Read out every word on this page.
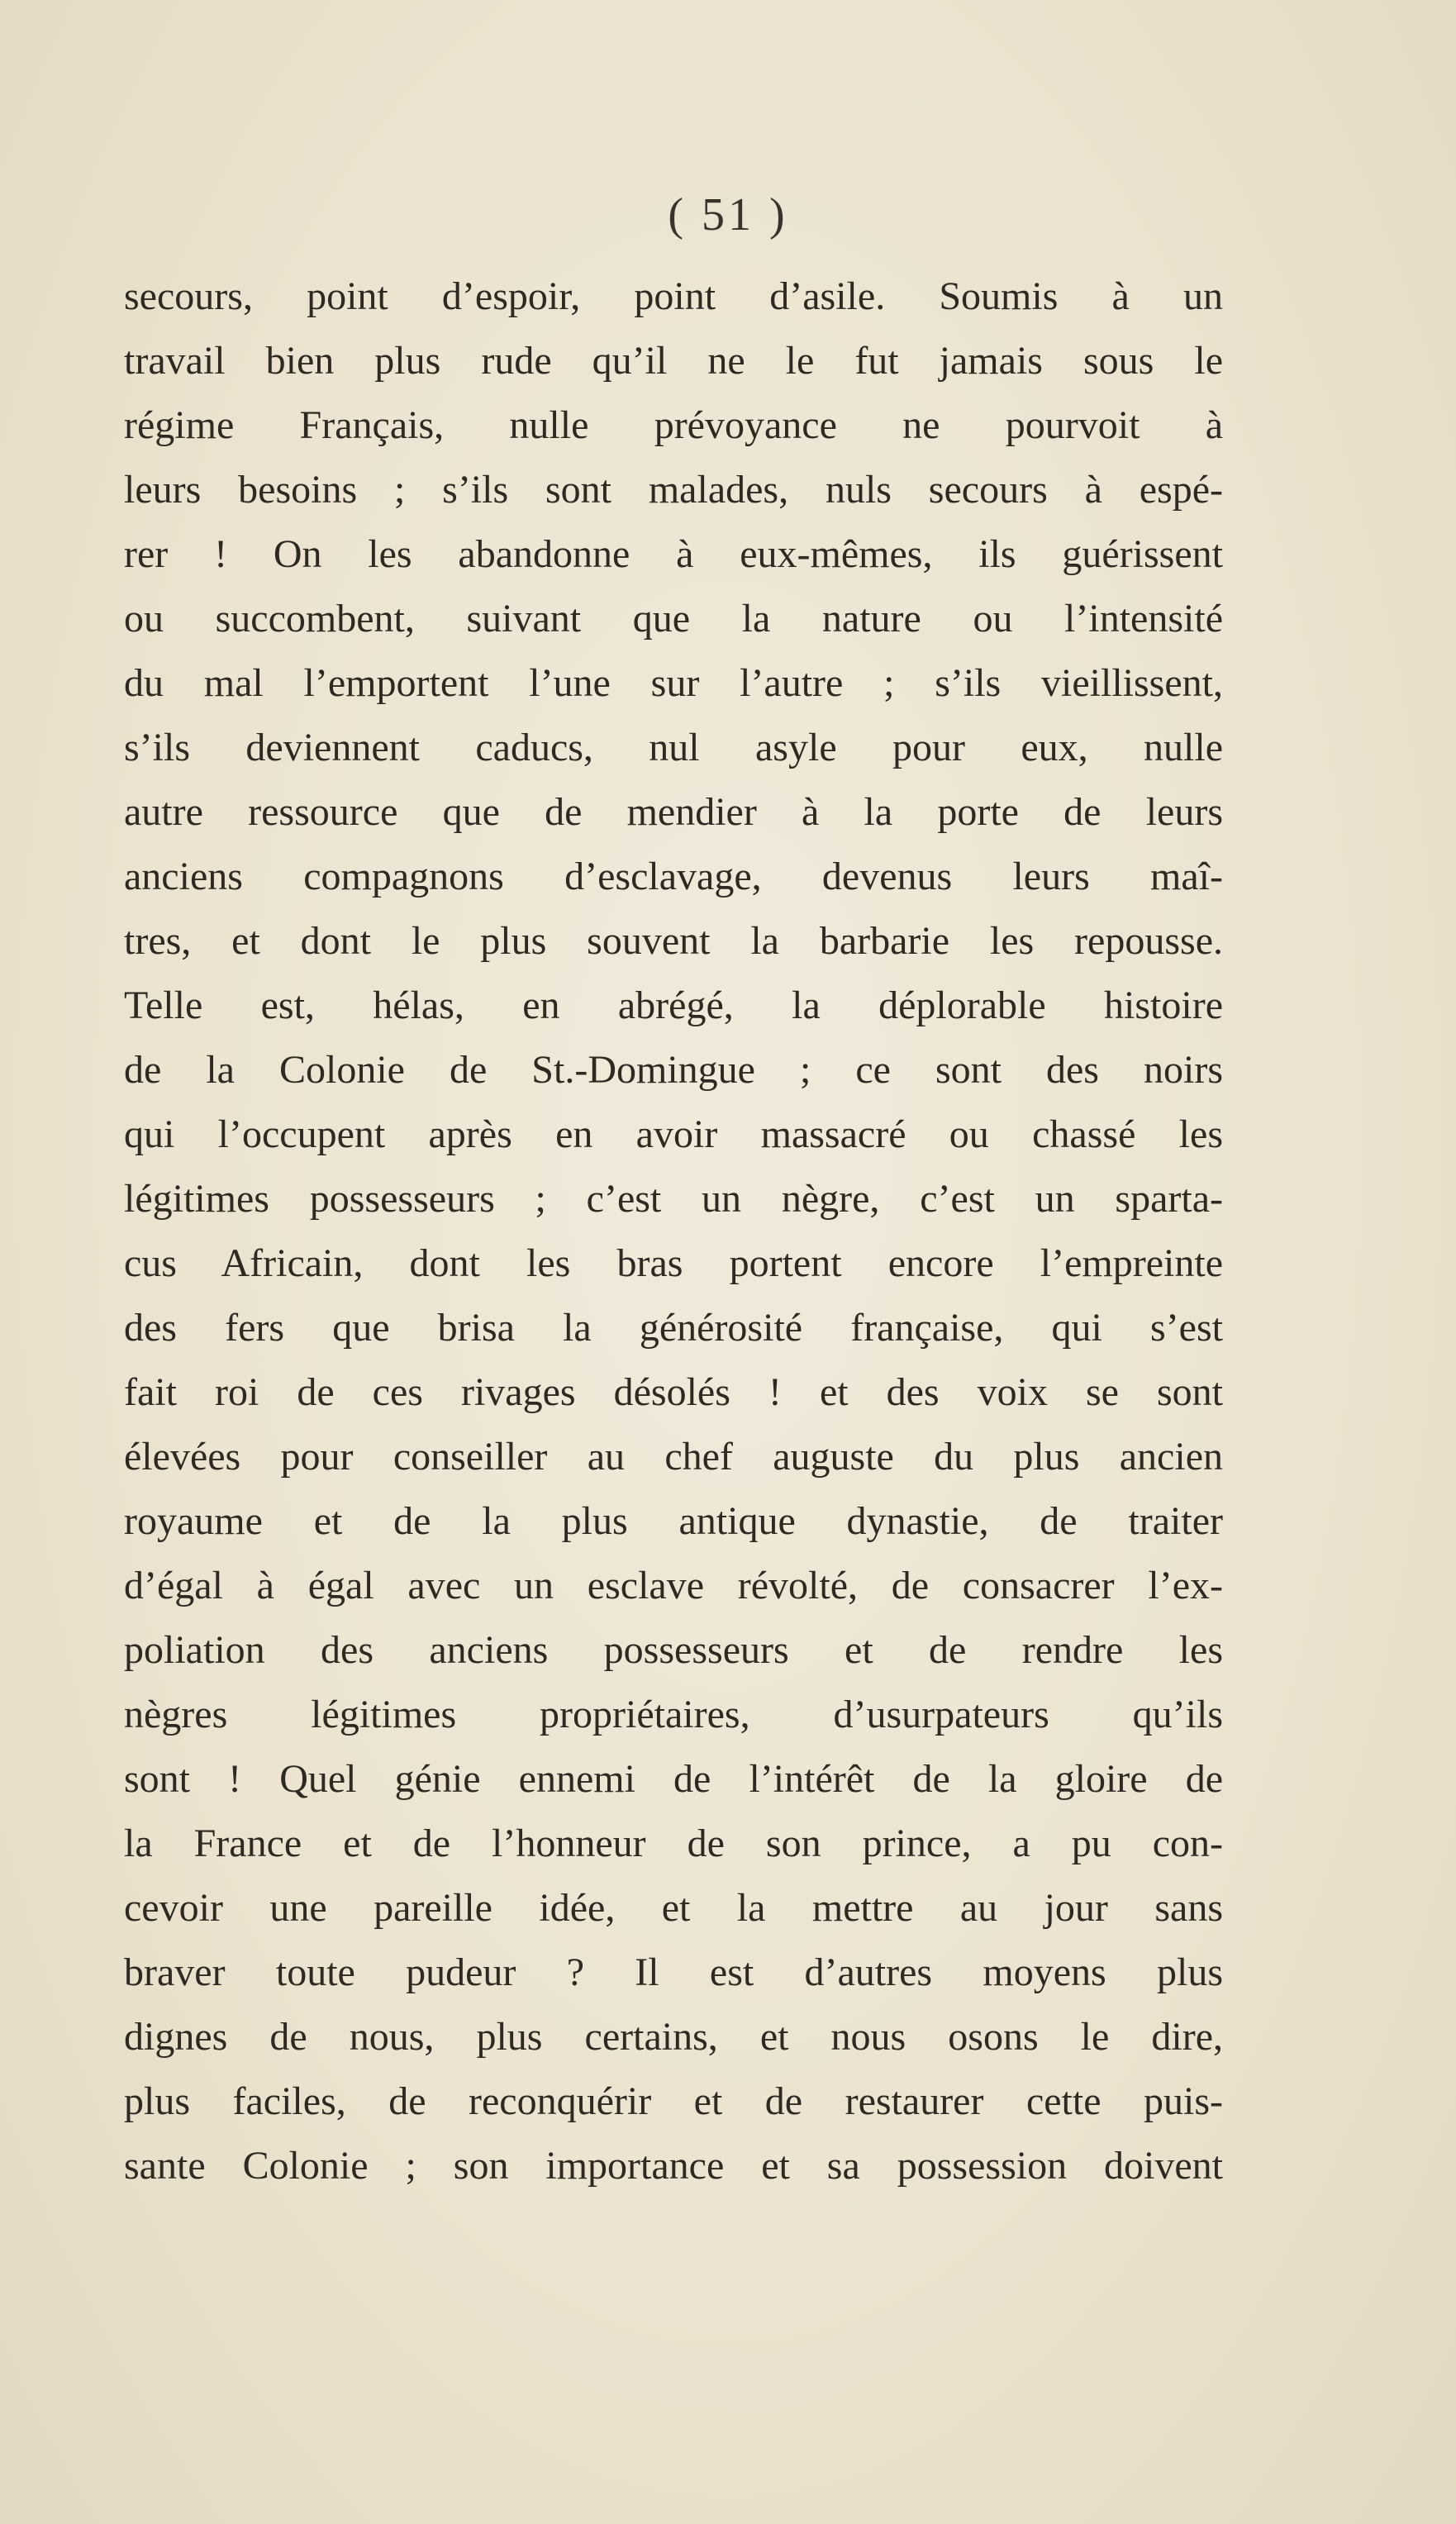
( 51 )
secours, point d’espoir, point d’asile. Soumis à un
travail bien plus rude qu’il ne le fut jamais sous le
régime Français, nulle prévoyance ne pourvoit à
leurs besoins ; s’ils sont malades, nuls secours à espé-
rer ! On les abandonne à eux-mêmes, ils guérissent
ou succombent, suivant que la nature ou l’intensité
du mal l’emportent l’une sur l’autre ; s’ils vieillissent,
s’ils deviennent caducs, nul asyle pour eux, nulle
autre ressource que de mendier à la porte de leurs
anciens compagnons d’esclavage, devenus leurs maî-
tres, et dont le plus souvent la barbarie les repousse.
Telle est, hélas, en abrégé, la déplorable histoire
de la Colonie de St.-Domingue ; ce sont des noirs
qui l’occupent après en avoir massacré ou chassé les
légitimes possesseurs ; c’est un nègre, c’est un sparta-
cus Africain, dont les bras portent encore l’empreinte
des fers que brisa la générosité française, qui s’est
fait roi de ces rivages désolés ! et des voix se sont
élevées pour conseiller au chef auguste du plus ancien
royaume et de la plus antique dynastie, de traiter
d’égal à égal avec un esclave révolté, de consacrer l’ex-
poliation des anciens possesseurs et de rendre les
nègres légitimes propriétaires, d’usurpateurs qu’ils
sont ! Quel génie ennemi de l’intérêt de la gloire de
la France et de l’honneur de son prince, a pu con-
cevoir une pareille idée, et la mettre au jour sans
braver toute pudeur ? Il est d’autres moyens plus
dignes de nous, plus certains, et nous osons le dire,
plus faciles, de reconquérir et de restaurer cette puis-
sante Colonie ; son importance et sa possession doivent
